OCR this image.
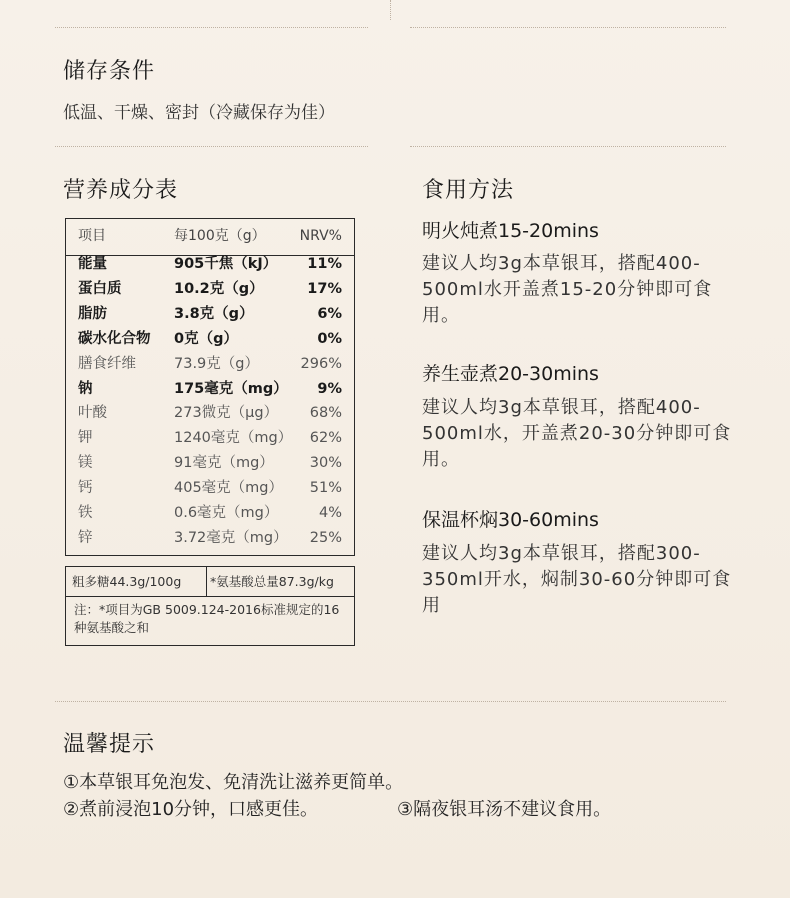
储存条件
低温、干燥、密封（冷藏保存为佳）
营养成分表
项目	每100克（g） NRV%
能量	905千焦（kJ） 11%
蛋白质	10.2克（g）	17%
脂肪	3.8克（g）	6%
碳水化合物 0克（g）	0%
膳食纤维	73.9克（g）	296%
钠	175毫克（mg） 9%
叶酸	273微克（μg） 68%
钾	1240毫克（mg） 62%
镁	91毫克（mg） 30%
钙	405毫克（mg） 51%
铁	0.6毫克（mg）	4%
锌	3.72毫克（mg） 25%
粗多糖44.3g/100g *氨基酸总量87.3g/kg
注：*项目为GB 5009.124-2016标准规定的16种氨基酸之和
食用方法
明火炖煮15-20mins
建议人均3g本草银耳，搭配400-500ml水开盖煮15-20分钟即可食用。
养生壶煮20-30mins
建议人均3g本草银耳，搭配400-500ml水，开盖煮20-30分钟即可食用。
保温杯焖30-60mins
建议人均3g本草银耳，搭配300-350ml开水，焖制30-60分钟即可食用
温馨提示
①本草银耳免泡发、免清洗让滋养更简单。
②煮前浸泡10分钟，口感更佳。	③隔夜银耳汤不建议食用。
